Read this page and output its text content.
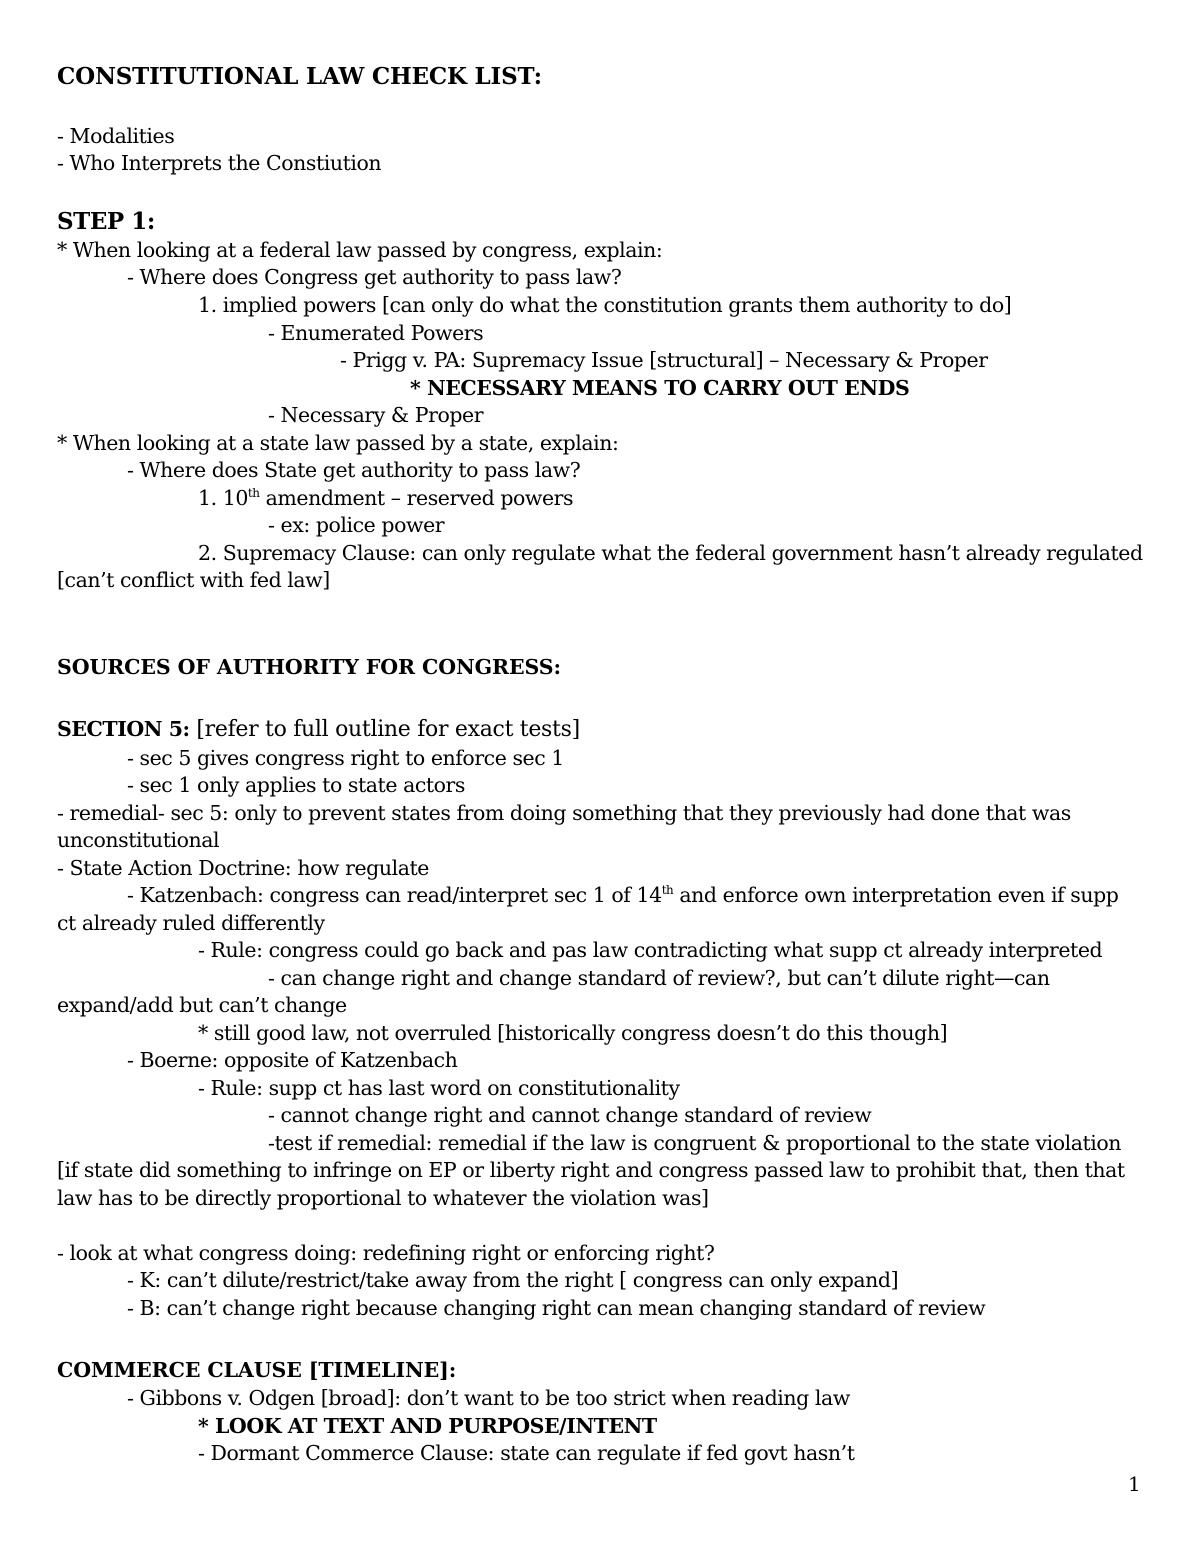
CONSTITUTIONAL LAW CHECK LIST:
- Modalities
- Who Interprets the Constiution
STEP 1:
* When looking at a federal law passed by congress, explain:
- Where does Congress get authority to pass law?
1. implied powers [can only do what the constitution grants them authority to do]
- Enumerated Powers
- Prigg v. PA: Supremacy Issue [structural] – Necessary & Proper
* NECESSARY MEANS TO CARRY OUT ENDS
- Necessary & Proper
* When looking at a state law passed by a state, explain:
- Where does State get authority to pass law?
1. 10th amendment – reserved powers
- ex: police power
2. Supremacy Clause: can only regulate what the federal government hasn’t already regulated
[can’t conflict with fed law]
SOURCES OF AUTHORITY FOR CONGRESS:
SECTION 5: [refer to full outline for exact tests]
- sec 5 gives congress right to enforce sec 1
- sec 1 only applies to state actors
- remedial- sec 5: only to prevent states from doing something that they previously had done that was
unconstitutional
- State Action Doctrine: how regulate
- Katzenbach: congress can read/interpret sec 1 of 14th and enforce own interpretation even if supp
ct already ruled differently
- Rule: congress could go back and pas law contradicting what supp ct already interpreted
- can change right and change standard of review?, but can’t dilute right—can
expand/add but can’t change
* still good law, not overruled [historically congress doesn’t do this though]
- Boerne: opposite of Katzenbach
- Rule: supp ct has last word on constitutionality
- cannot change right and cannot change standard of review
-test if remedial: remedial if the law is congruent & proportional to the state violation
[if state did something to infringe on EP or liberty right and congress passed law to prohibit that, then that
law has to be directly proportional to whatever the violation was]
- look at what congress doing: redefining right or enforcing right?
- K: can’t dilute/restrict/take away from the right [ congress can only expand]
- B: can’t change right because changing right can mean changing standard of review
COMMERCE CLAUSE [TIMELINE]:
- Gibbons v. Odgen [broad]: don’t want to be too strict when reading law
* LOOK AT TEXT AND PURPOSE/INTENT
- Dormant Commerce Clause: state can regulate if fed govt hasn’t
1
